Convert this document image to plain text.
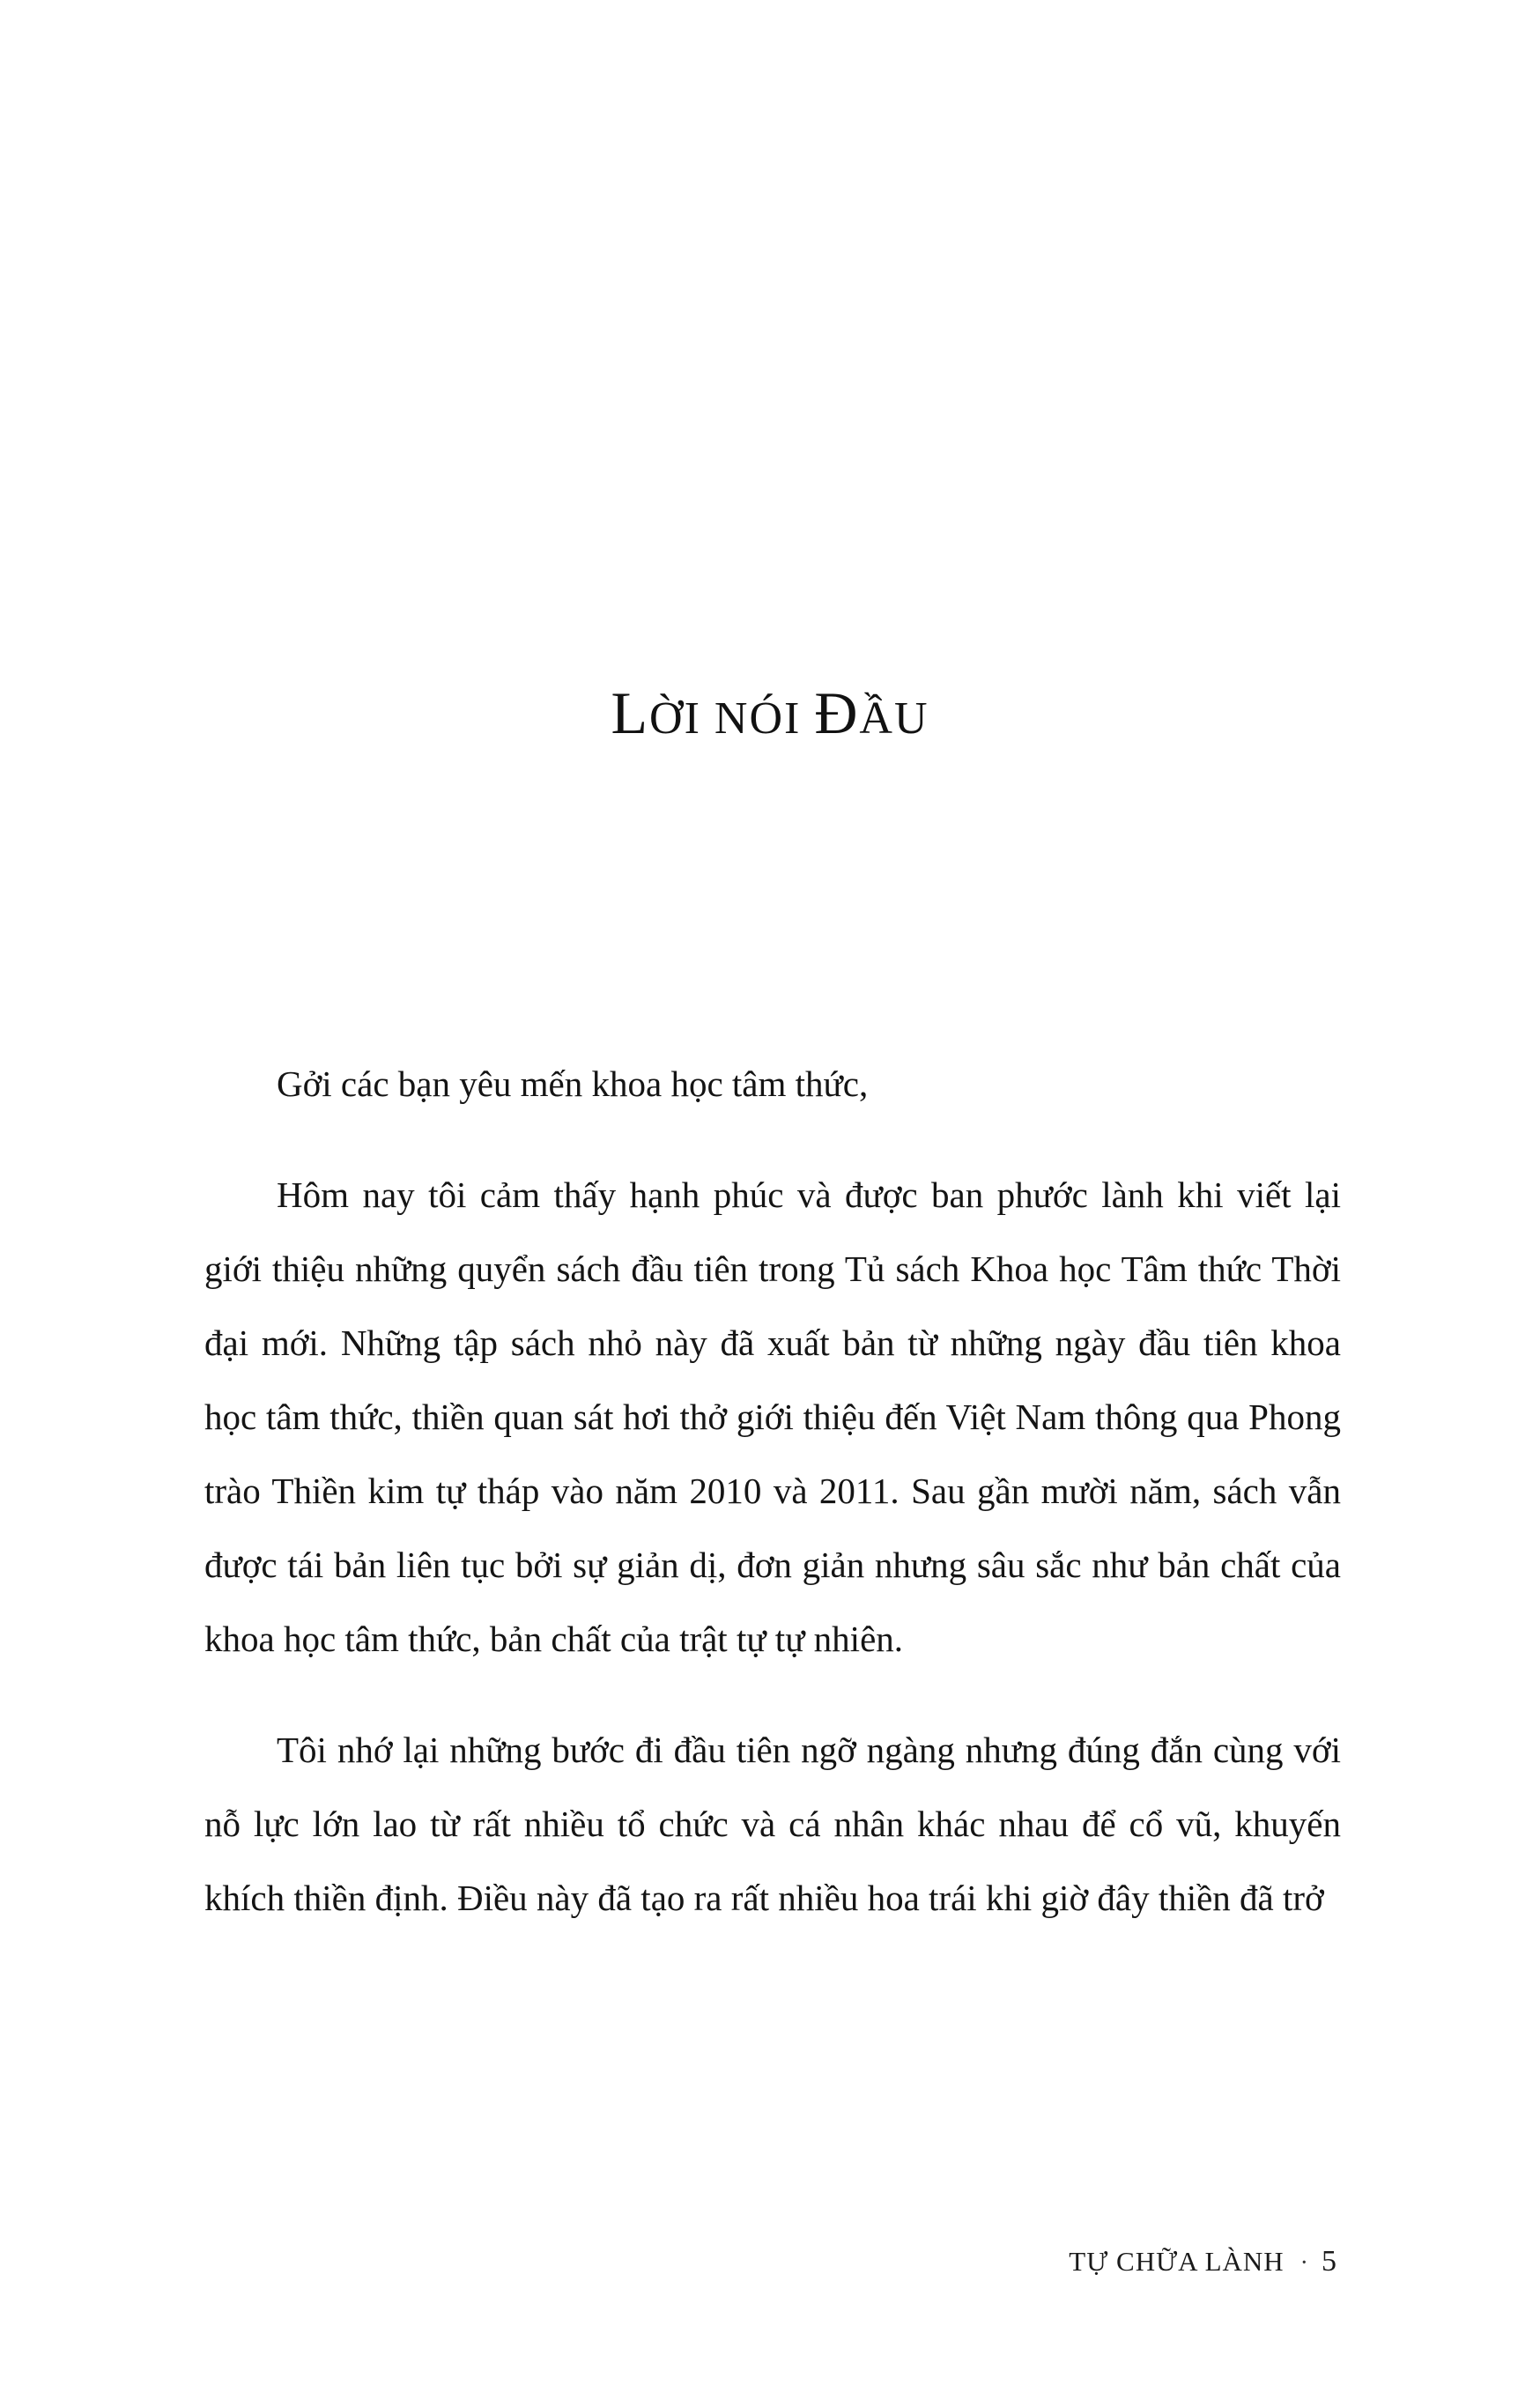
LỜI NÓI ĐẦU

Gởi các bạn yêu mến khoa học tâm thức,

Hôm nay tôi cảm thấy hạnh phúc và được ban phước lành khi viết lại giới thiệu những quyển sách đầu tiên trong Tủ sách Khoa học Tâm thức Thời đại mới. Những tập sách nhỏ này đã xuất bản từ những ngày đầu tiên khoa học tâm thức, thiền quan sát hơi thở giới thiệu đến Việt Nam thông qua Phong trào Thiền kim tự tháp vào năm 2010 và 2011. Sau gần mười năm, sách vẫn được tái bản liên tục bởi sự giản dị, đơn giản nhưng sâu sắc như bản chất của khoa học tâm thức, bản chất của trật tự tự nhiên.

Tôi nhớ lại những bước đi đầu tiên ngỡ ngàng nhưng đúng đắn cùng với nỗ lực lớn lao từ rất nhiều tổ chức và cá nhân khác nhau để cổ vũ, khuyến khích thiền định. Điều này đã tạo ra rất nhiều hoa trái khi giờ đây thiền đã trở

TỰ CHỮA LÀNH · 5
